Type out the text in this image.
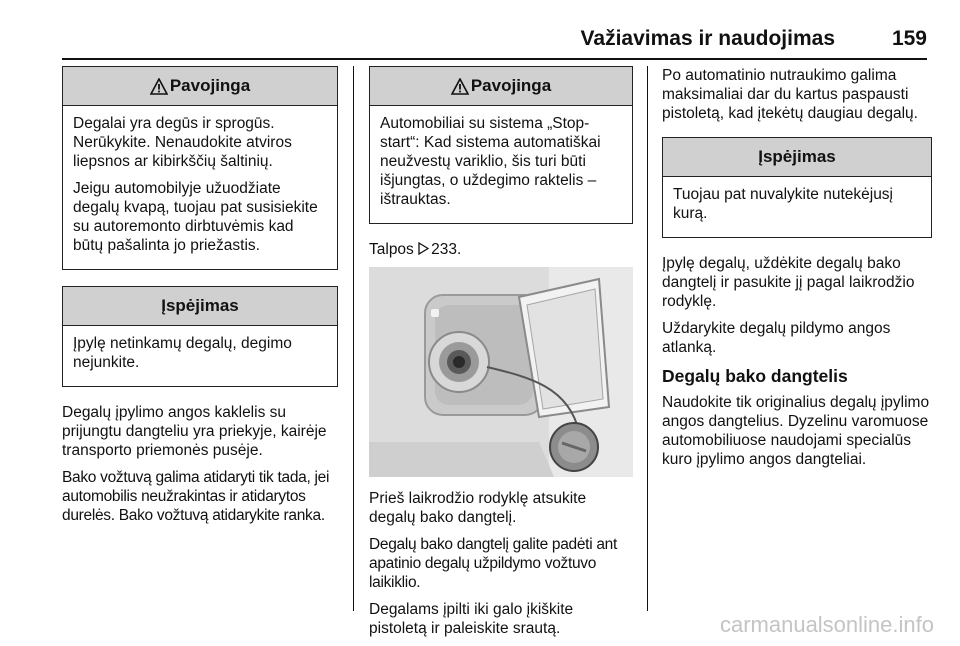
Važiavimas ir naudojimas	159
Pavojinga

Degalai yra degūs ir sprogūs. Nerūkykite. Nenaudokite atviros liepsnos ar kibirkščių šaltinių.

Jeigu automobilyje užuodžiate degalų kvapą, tuojau pat susisiekite su autoremonto dirbtuvėmis kad būtų pašalinta jo priežastis.

Įspėjimas

Įpylę netinkamų degalų, degimo nejunkite.

Degalų įpylimo angos kaklelis su prijungtu dangteliu yra priekyje, kairėje transporto priemonės pusėje.

Bako vožtuvą galima atidaryti tik tada, jei automobilis neužrakintas ir atidarytos durelės. Bako vožtuvą atidarykite ranka.

Pavojinga

Automobiliai su sistema „Stop-start“: Kad sistema automatiškai neužvestų variklio, šis turi būti išjungtas, o uždegimo raktelis – ištrauktas.

Talpos 233.

Prieš laikrodžio rodyklę atsukite degalų bako dangtelį.

Degalų bako dangtelį galite padėti ant apatinio degalų užpildymo vožtuvo laikiklio.

Degalams įpilti iki galo įkiškite pistoletą ir paleiskite srautą.

Po automatinio nutraukimo galima maksimaliai dar du kartus paspausti pistoletą, kad įtekėtų daugiau degalų.

Įspėjimas

Tuojau pat nuvalykite nutekėjusį kurą.

Įpylę degalų, uždėkite degalų bako dangtelį ir pasukite jį pagal laikrodžio rodyklę.

Uždarykite degalų pildymo angos atlanką.

Degalų bako dangtelis

Naudokite tik originalius degalų įpylimo angos dangtelius. Dyzelinu varomuose automobiliuose naudojami specialūs kuro įpylimo angos dangteliai.

carmanualsonline.info
